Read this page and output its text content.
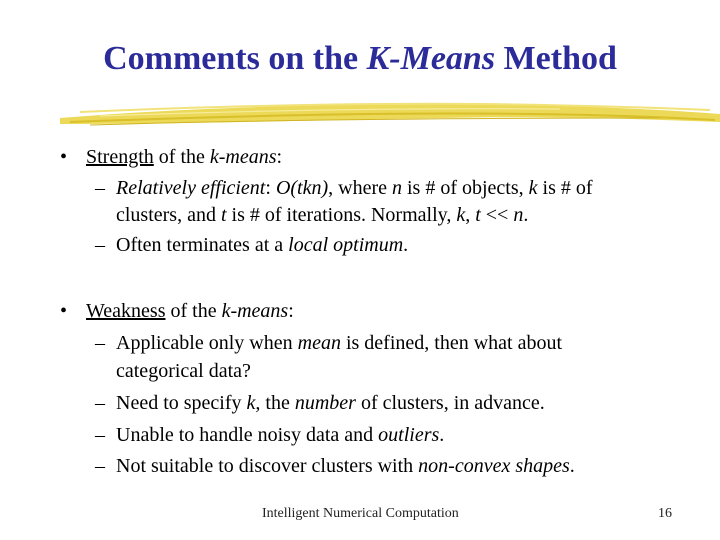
Comments on the K-Means Method
• Strength of the k-means:
– Relatively efficient: O(tkn), where n is # of objects, k is # of
clusters, and t is # of iterations. Normally, k, t << n.
– Often terminates at a local optimum.
• Weakness of the k-means:
– Applicable only when mean is defined, then what about
categorical data?
– Need to specify k, the number of clusters, in advance.
– Unable to handle noisy data and outliers.
– Not suitable to discover clusters with non-convex shapes.
Intelligent Numerical Computation	16
